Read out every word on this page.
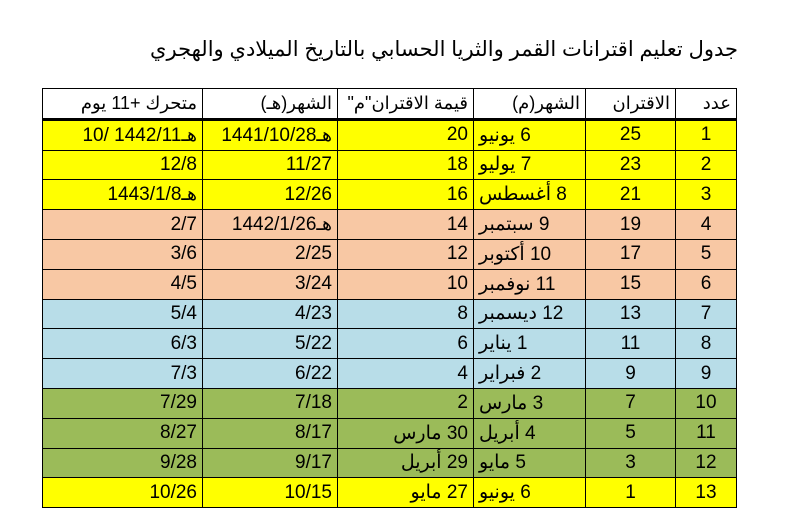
جدول تعليم اقترانات القمر والثريا الحسابي بالتاريخ الميلادي والهجري
متحرك +11 يوم	الشهر(هـ)	قيمة الاقتران"م"	الشهر(م)	الاقتران	عدد
10/ 1442/11هـ	1441/10/28هـ	20	6 يونيو	25	1
12/8	11/27	18	7 يوليو	23	2
1443/1/8هـ	12/26	16	8 أغسطس	21	3
2/7	1442/1/26هـ	14	9 سبتمبر	19	4
3/6	2/25	12	10 أكتوبر	17	5
4/5	3/24	10	11 نوفمبر	15	6
5/4	4/23	8	12 ديسمبر	13	7
6/3	5/22	6	1 يناير	11	8
7/3	6/22	4	2 فبراير	9	9
7/29	7/18	2	3 مارس	7	10
8/27	8/17	30 مارس	4 أبريل	5	11
9/28	9/17	29 أبريل	5 مايو	3	12
10/26	10/15	27 مايو	6 يونيو	1	13
